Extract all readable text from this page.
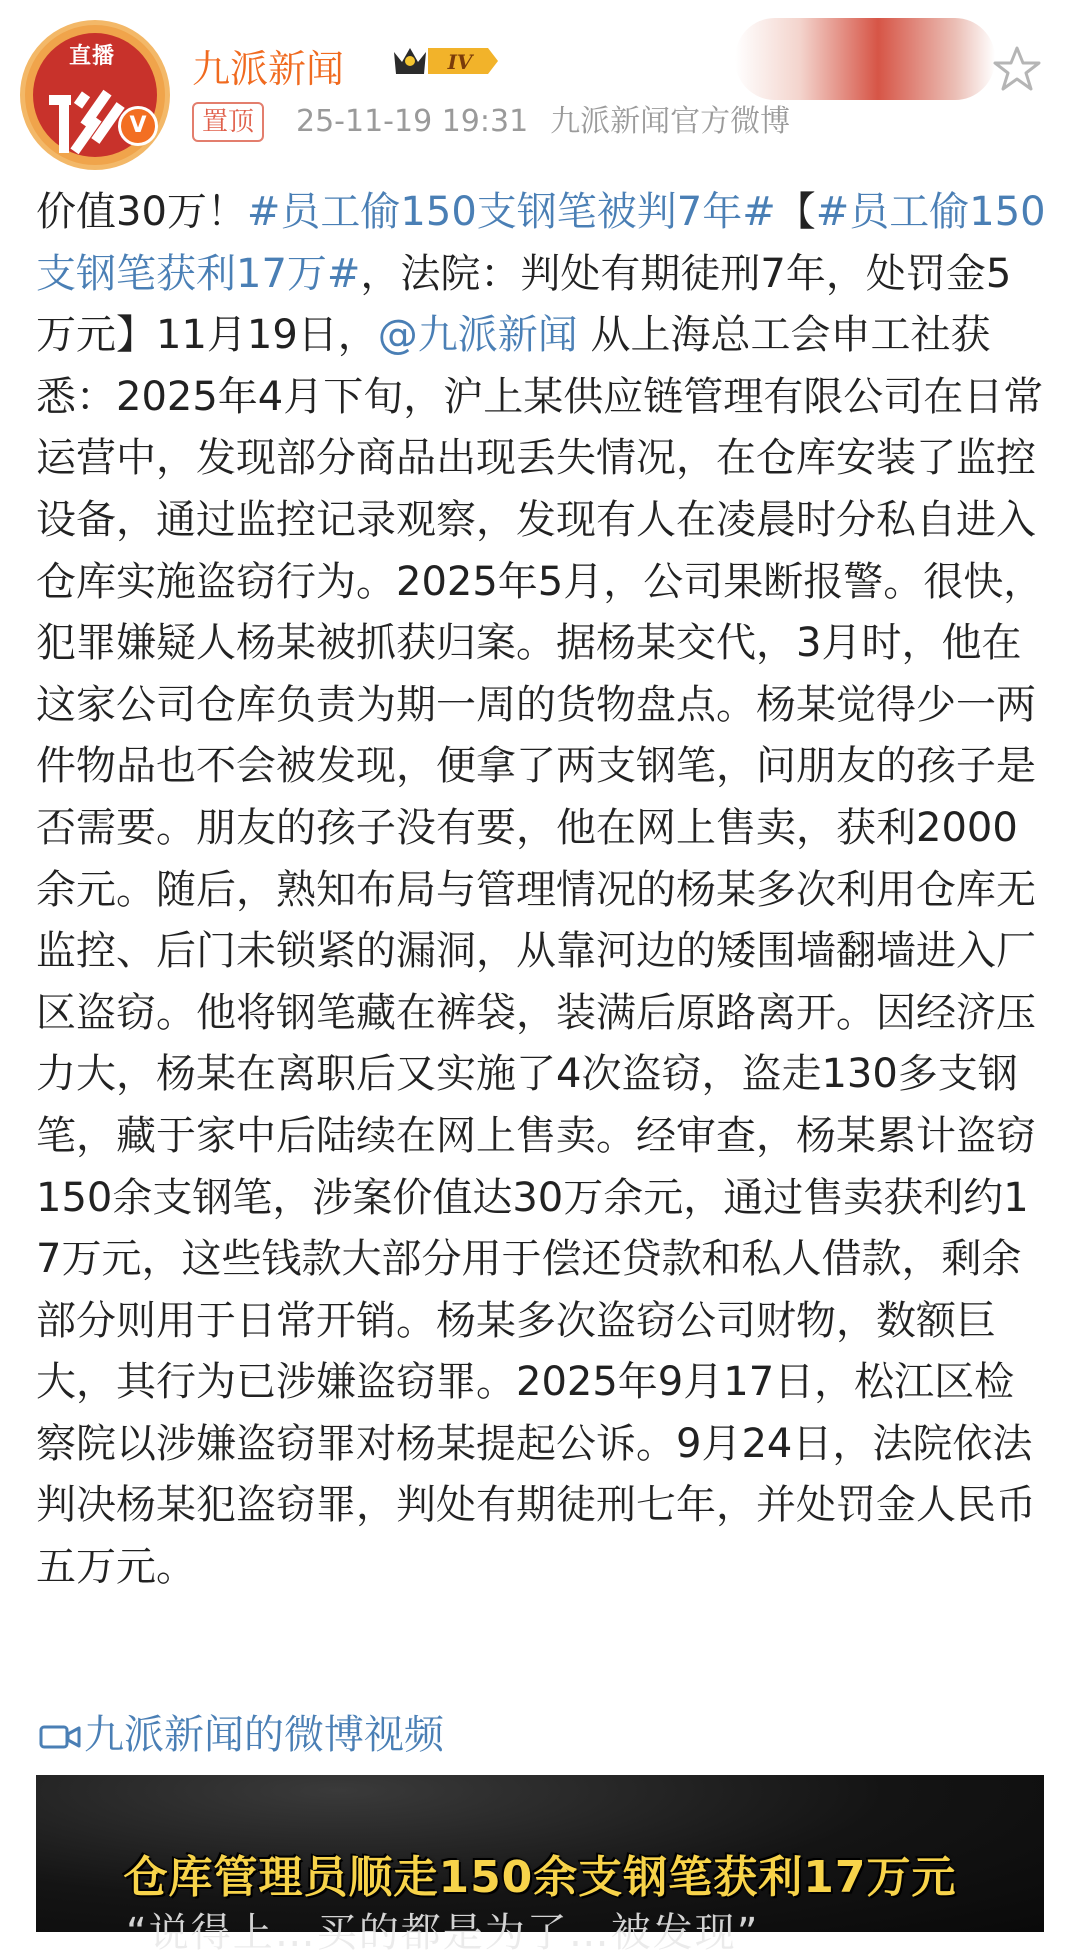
直播
V
九派新闻	IV
置顶	25-11-19 19:31 九派新闻官方微博

价值30万！#员工偷150支钢笔被判7年#【#员工偷150支钢笔获利17万#，法院：判处有期徒刑7年，处罚金5万元】11月19日，@九派新闻 从上海总工会申工社获悉：2025年4月下旬，沪上某供应链管理有限公司在日常运营中，发现部分商品出现丢失情况，在仓库安装了监控设备，通过监控记录观察，发现有人在凌晨时分私自进入仓库实施盗窃行为。2025年5月，公司果断报警。很快，犯罪嫌疑人杨某被抓获归案。据杨某交代，3月时，他在这家公司仓库负责为期一周的货物盘点。杨某觉得少一两件物品也不会被发现，便拿了两支钢笔，问朋友的孩子是否需要。朋友的孩子没有要，他在网上售卖，获利2000余元。随后，熟知布局与管理情况的杨某多次利用仓库无监控、后门未锁紧的漏洞，从靠河边的矮围墙翻墙进入厂区盗窃。他将钢笔藏在裤袋，装满后原路离开。因经济压力大，杨某在离职后又实施了4次盗窃，盗走130多支钢笔，藏于家中后陆续在网上售卖。经审查，杨某累计盗窃150余支钢笔，涉案价值达30万余元，通过售卖获利约17万元，这些钱款大部分用于偿还贷款和私人借款，剩余部分则用于日常开销。杨某多次盗窃公司财物，数额巨大，其行为已涉嫌盗窃罪。2025年9月17日，松江区检察院以涉嫌盗窃罪对杨某提起公诉。9月24日，法院依法判决杨某犯盗窃罪，判处有期徒刑七年，并处罚金人民币五万元。

九派新闻的微博视频
仓库管理员顺走150余支钢笔获利17万元
“说得上…买的都是为了…被发现”
